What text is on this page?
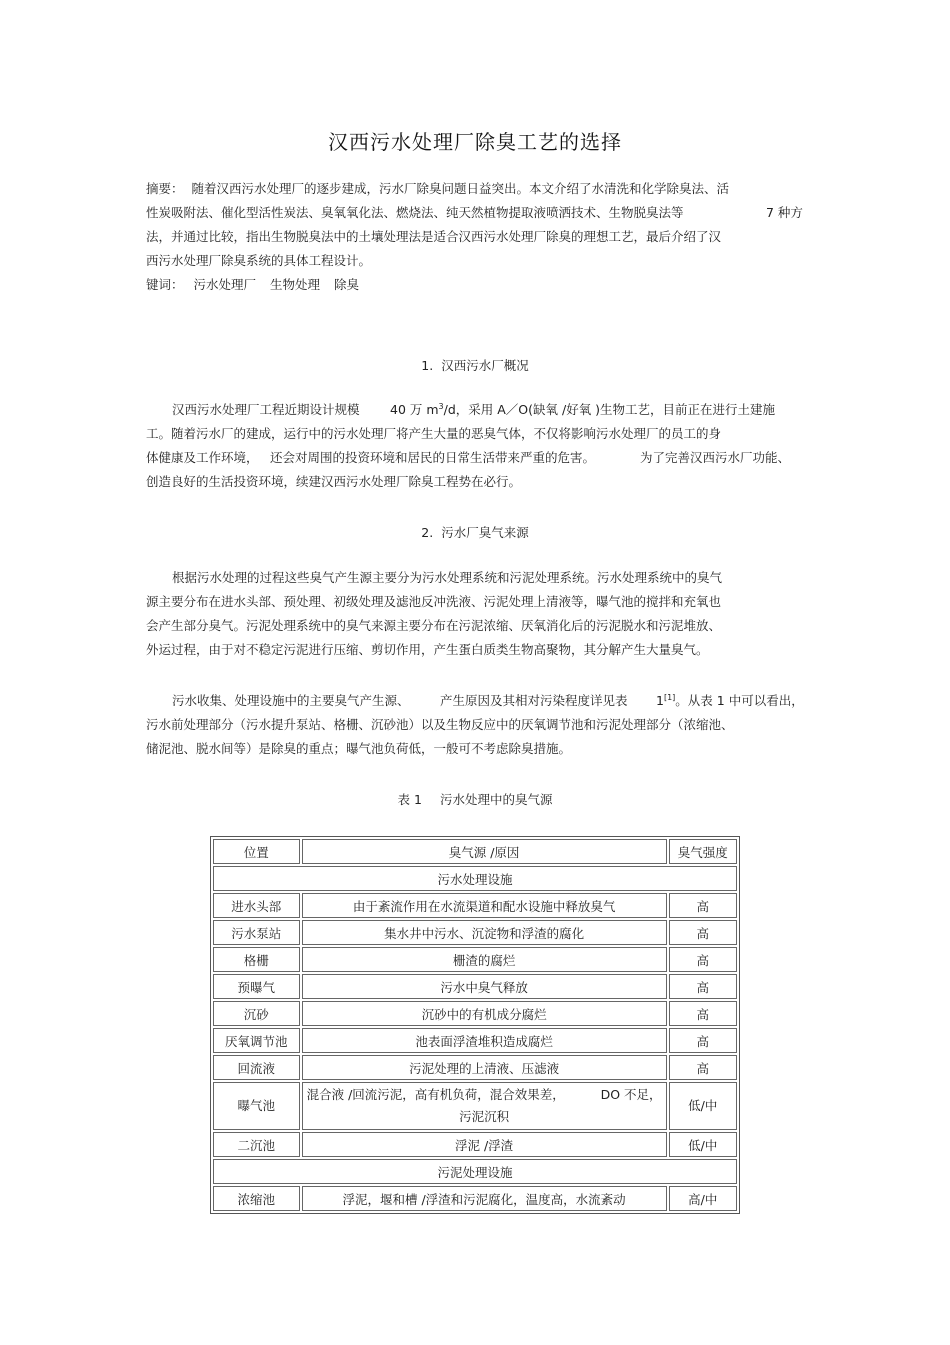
汉西污水处理厂除臭工艺的选择
摘要： 随着汉西污水处理厂的逐步建成，污水厂除臭问题日益突出。本文介绍了水清洗和化学除臭法、活
性炭吸附法、催化型活性炭法、臭氧氧化法、燃烧法、纯天然植物提取液喷洒技术、生物脱臭法等	7 种方
法，并通过比较，指出生物脱臭法中的土壤处理法是适合汉西污水处理厂除臭的理想工艺，最后介绍了汉
西污水处理厂除臭系统的具体工程设计。
键词： 污水处理厂 生物处理 除臭
1. 汉西污水厂概况
汉西污水处理厂工程近期设计规模 40 万 $m^3/d$，采用 A／O(缺氧 /好氧 )生物工艺，目前正在进行土建施
工。随着污水厂的建成，运行中的污水处理厂将产生大量的恶臭气体，不仅将影响污水处理厂的员工的身
体健康及工作环境， 还会对周围的投资环境和居民的日常生活带来严重的危害。	为了完善汉西污水厂功能、
创造良好的生活投资环境，续建汉西污水处理厂除臭工程势在必行。
2. 污水厂臭气来源
根据污水处理的过程这些臭气产生源主要分为污水处理系统和污泥处理系统。污水处理系统中的臭气
源主要分布在进水头部、预处理、初级处理及滤池反冲洗液、污泥处理上清液等，曝气池的搅拌和充氧也
会产生部分臭气。污泥处理系统中的臭气来源主要分布在污泥浓缩、厌氧消化后的污泥脱水和污泥堆放、
外运过程，由于对不稳定污泥进行压缩、剪切作用，产生蛋白质类生物高聚物，其分解产生大量臭气。
污水收集、处理设施中的主要臭气产生源、 产生原因及其相对污染程度详见表 1[1]。从表 1 中可以看出，
污水前处理部分（污水提升泵站、格栅、沉砂池）以及生物反应中的厌氧调节池和污泥处理部分（浓缩池、
储泥池、脱水间等）是除臭的重点；曝气池负荷低，一般可不考虑除臭措施。
表 1 污水处理中的臭气源
位置	臭气源 /原因	臭气强度
污水处理设施		
进水头部	由于紊流作用在水流渠道和配水设施中释放臭气	高
污水泵站	集水井中污水、沉淀物和浮渣的腐化	高
格栅	栅渣的腐烂	高
预曝气	污水中臭气释放	高
沉砂	沉砂中的有机成分腐烂	高
厌氧调节池	池表面浮渣堆积造成腐烂	高
回流液	污泥处理的上清液、压滤液	高
曝气池	混合液 /回流污泥，高有机负荷，混合效果差，         DO 不足，
污泥沉积	低/中
二沉池	浮泥 /浮渣	低/中
污泥处理设施		
浓缩池	浮泥，堰和槽 /浮渣和污泥腐化，温度高，水流紊动	高/中
